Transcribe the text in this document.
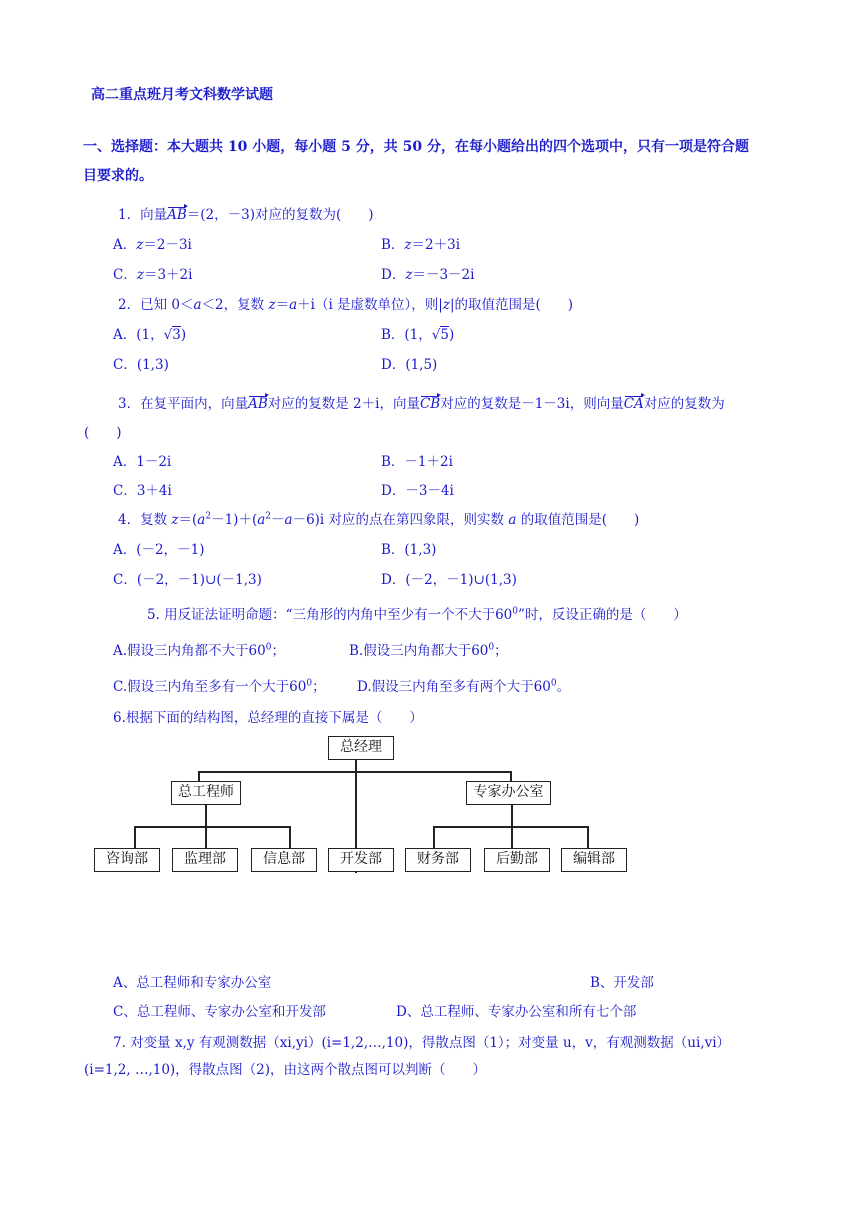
高二重点班月考文科数学试题
一、选择题：本大题共 10 小题，每小题 5 分，共 50 分，在每小题给出的四个选项中，只有一项是符合题
目要求的。
1．向量AB＝(2，－3)对应的复数为(　　)
A．z＝2－3i	B．z＝2＋3i
C．z＝3＋2i	D．z＝－3－2i
2．已知 0＜a＜2，复数 z＝a＋i（i 是虚数单位），则|z|的取值范围是(　　)
A．(1，√3)	B．(1，√5)
C．(1,3)	D．(1,5)
3．在复平面内，向量AB对应的复数是 2＋i，向量CB对应的复数是－1－3i，则向量CA对应的复数为
(　　)
A．1－2i	B．－1＋2i
C．3＋4i	D．－3－4i
4．复数 $z=(a^2-1)+(a^2-a-6)i$ 对应的点在第四象限，则实数 a 的取值范围是(　　)
A．(－2，－1)	B．(1,3)
C．(－2，－1)∪(－1,3)	D．(－2，－1)∪(1,3)
5. 用反证法证明命题：“三角形的内角中至少有一个不大于$60^0$”时，反设正确的是（　　）
A.假设三内角都不大于$60^0$；	B.假设三内角都大于$60^0$；
C.假设三内角至多有一个大于$60^0$； D.假设三内角至多有两个大于$60^0$。
6.根据下面的结构图，总经理的直接下属是（　　）
总经理
总工程师	专家办公室
咨询部	监理部	信息部	开发部	财务部	后勤部	编辑部
A、总工程师和专家办公室	B、开发部
C、总工程师、专家办公室和开发部	D、总工程师、专家办公室和所有七个部
7. 对变量 x,y 有观测数据（xi,yi）(i=1,2,…,10)，得散点图（1）；对变量 u，v，有观测数据（ui,vi）
(i=1,2, …,10)，得散点图（2)，由这两个散点图可以判断（　　）
